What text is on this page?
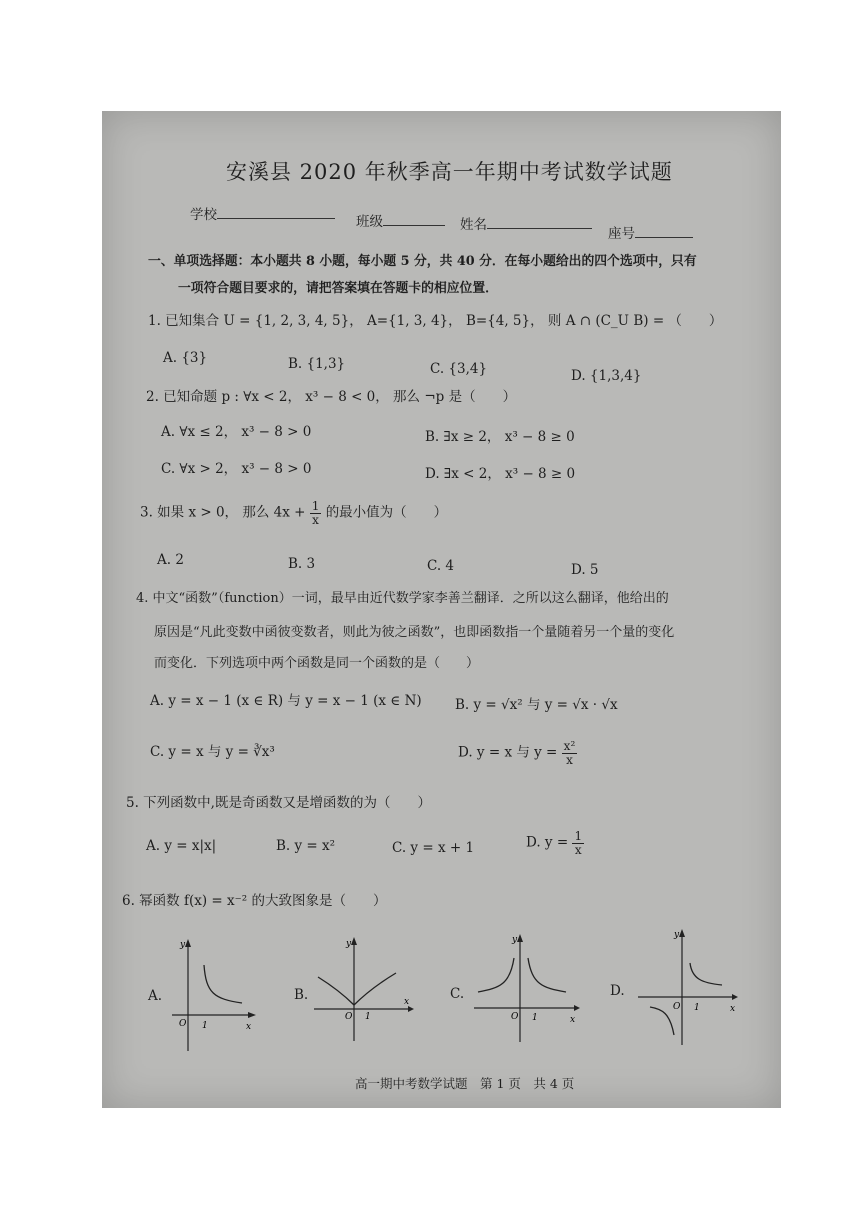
安溪县 2020 年秋季高一年期中考试数学试题
学校	班级	姓名
座号
一、单项选择题：本小题共 8 小题，每小题 5 分，共 40 分．在每小题给出的四个选项中，只有
一项符合题目要求的，请把答案填在答题卡的相应位置．
1. 已知集合 U = {1, 2, 3, 4, 5}， A={1, 3, 4}， B={4, 5}， 则 A ∩ (C_U B) = （　　）
A. {3}	B. {1,3}	C. {3,4}	D. {1,3,4}
2. 已知命题 p : ∀x < 2， x³ − 8 < 0， 那么 ¬p 是（　　）
A. ∀x ≤ 2， x³ − 8 > 0	B. ∃x ≥ 2， x³ − 8 ≥ 0
C. ∀x > 2， x³ − 8 > 0	D. ∃x < 2， x³ − 8 ≥ 0
3. 如果 x > 0， 那么 $4x + \frac{1}{x}$ 的最小值为（　　）
A. 2	B. 3	C. 4	D. 5
4. 中文“函数”（function）一词，最早由近代数学家李善兰翻译．之所以这么翻译，他给出的
原因是“凡此变数中函彼变数者，则此为彼之函数”，也即函数指一个量随着另一个量的变化
而变化．下列选项中两个函数是同一个函数的是（　　）
A. y = x − 1 (x ∈ R) 与 y = x − 1 (x ∈ N) B. y = √x² 与 y = √x · √x
C. y = x 与 y = ∛x³	D. y = x 与 $y = \frac{\text{x²}}{x}$
5. 下列函数中,既是奇函数又是增函数的为（　　）
A. y = x|x|	B. y = x²	C. y = x + 1	D. $y = \frac{1}{x}$
6. 幂函数 f(x) = x⁻² 的大致图象是（　　）
A.	B.	C.	D.
y
x
O 1
y
x
O 1
y
x
O 1
y
x
O 1
高一期中考数学试题　第 1 页　共 4 页
